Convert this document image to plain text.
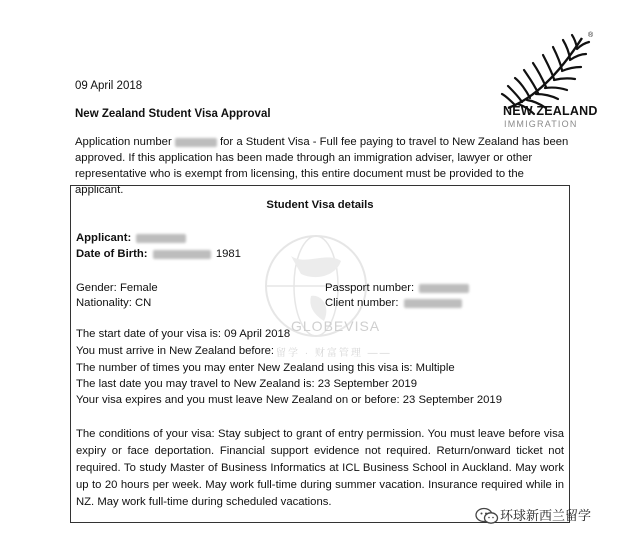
09 April 2018
New Zealand Student Visa Approval
Application number	for a Student Visa - Full fee paying to travel to New Zealand has been approved. If this application has been made through an immigration adviser, lawyer or other representative who is exempt from licensing, this entire document must be provided to the applicant.
®
NEW ZEALAND
IMMIGRATION
GLOBEVISA
留学 · 财富管理 ——
Student Visa details
Applicant:
Date of Birth:	1981
Gender: Female
Nationality: CN
Passport number:
Client number:
The start date of your visa is: 09 April 2018
You must arrive in New Zealand before:
The number of times you may enter New Zealand using this visa is: Multiple
The last date you may travel to New Zealand is: 23 September 2019
Your visa expires and you must leave New Zealand on or before: 23 September 2019
The conditions of your visa: Stay subject to grant of entry permission. You must leave before visa expiry or face deportation. Financial support evidence not required. Return/onward ticket not required. To study Master of Business Informatics at ICL Business School in Auckland. May work up to 20 hours per week. May work full-time during summer vacation. Insurance required while in NZ. May work full-time during scheduled vacations.
环球新西兰留学
